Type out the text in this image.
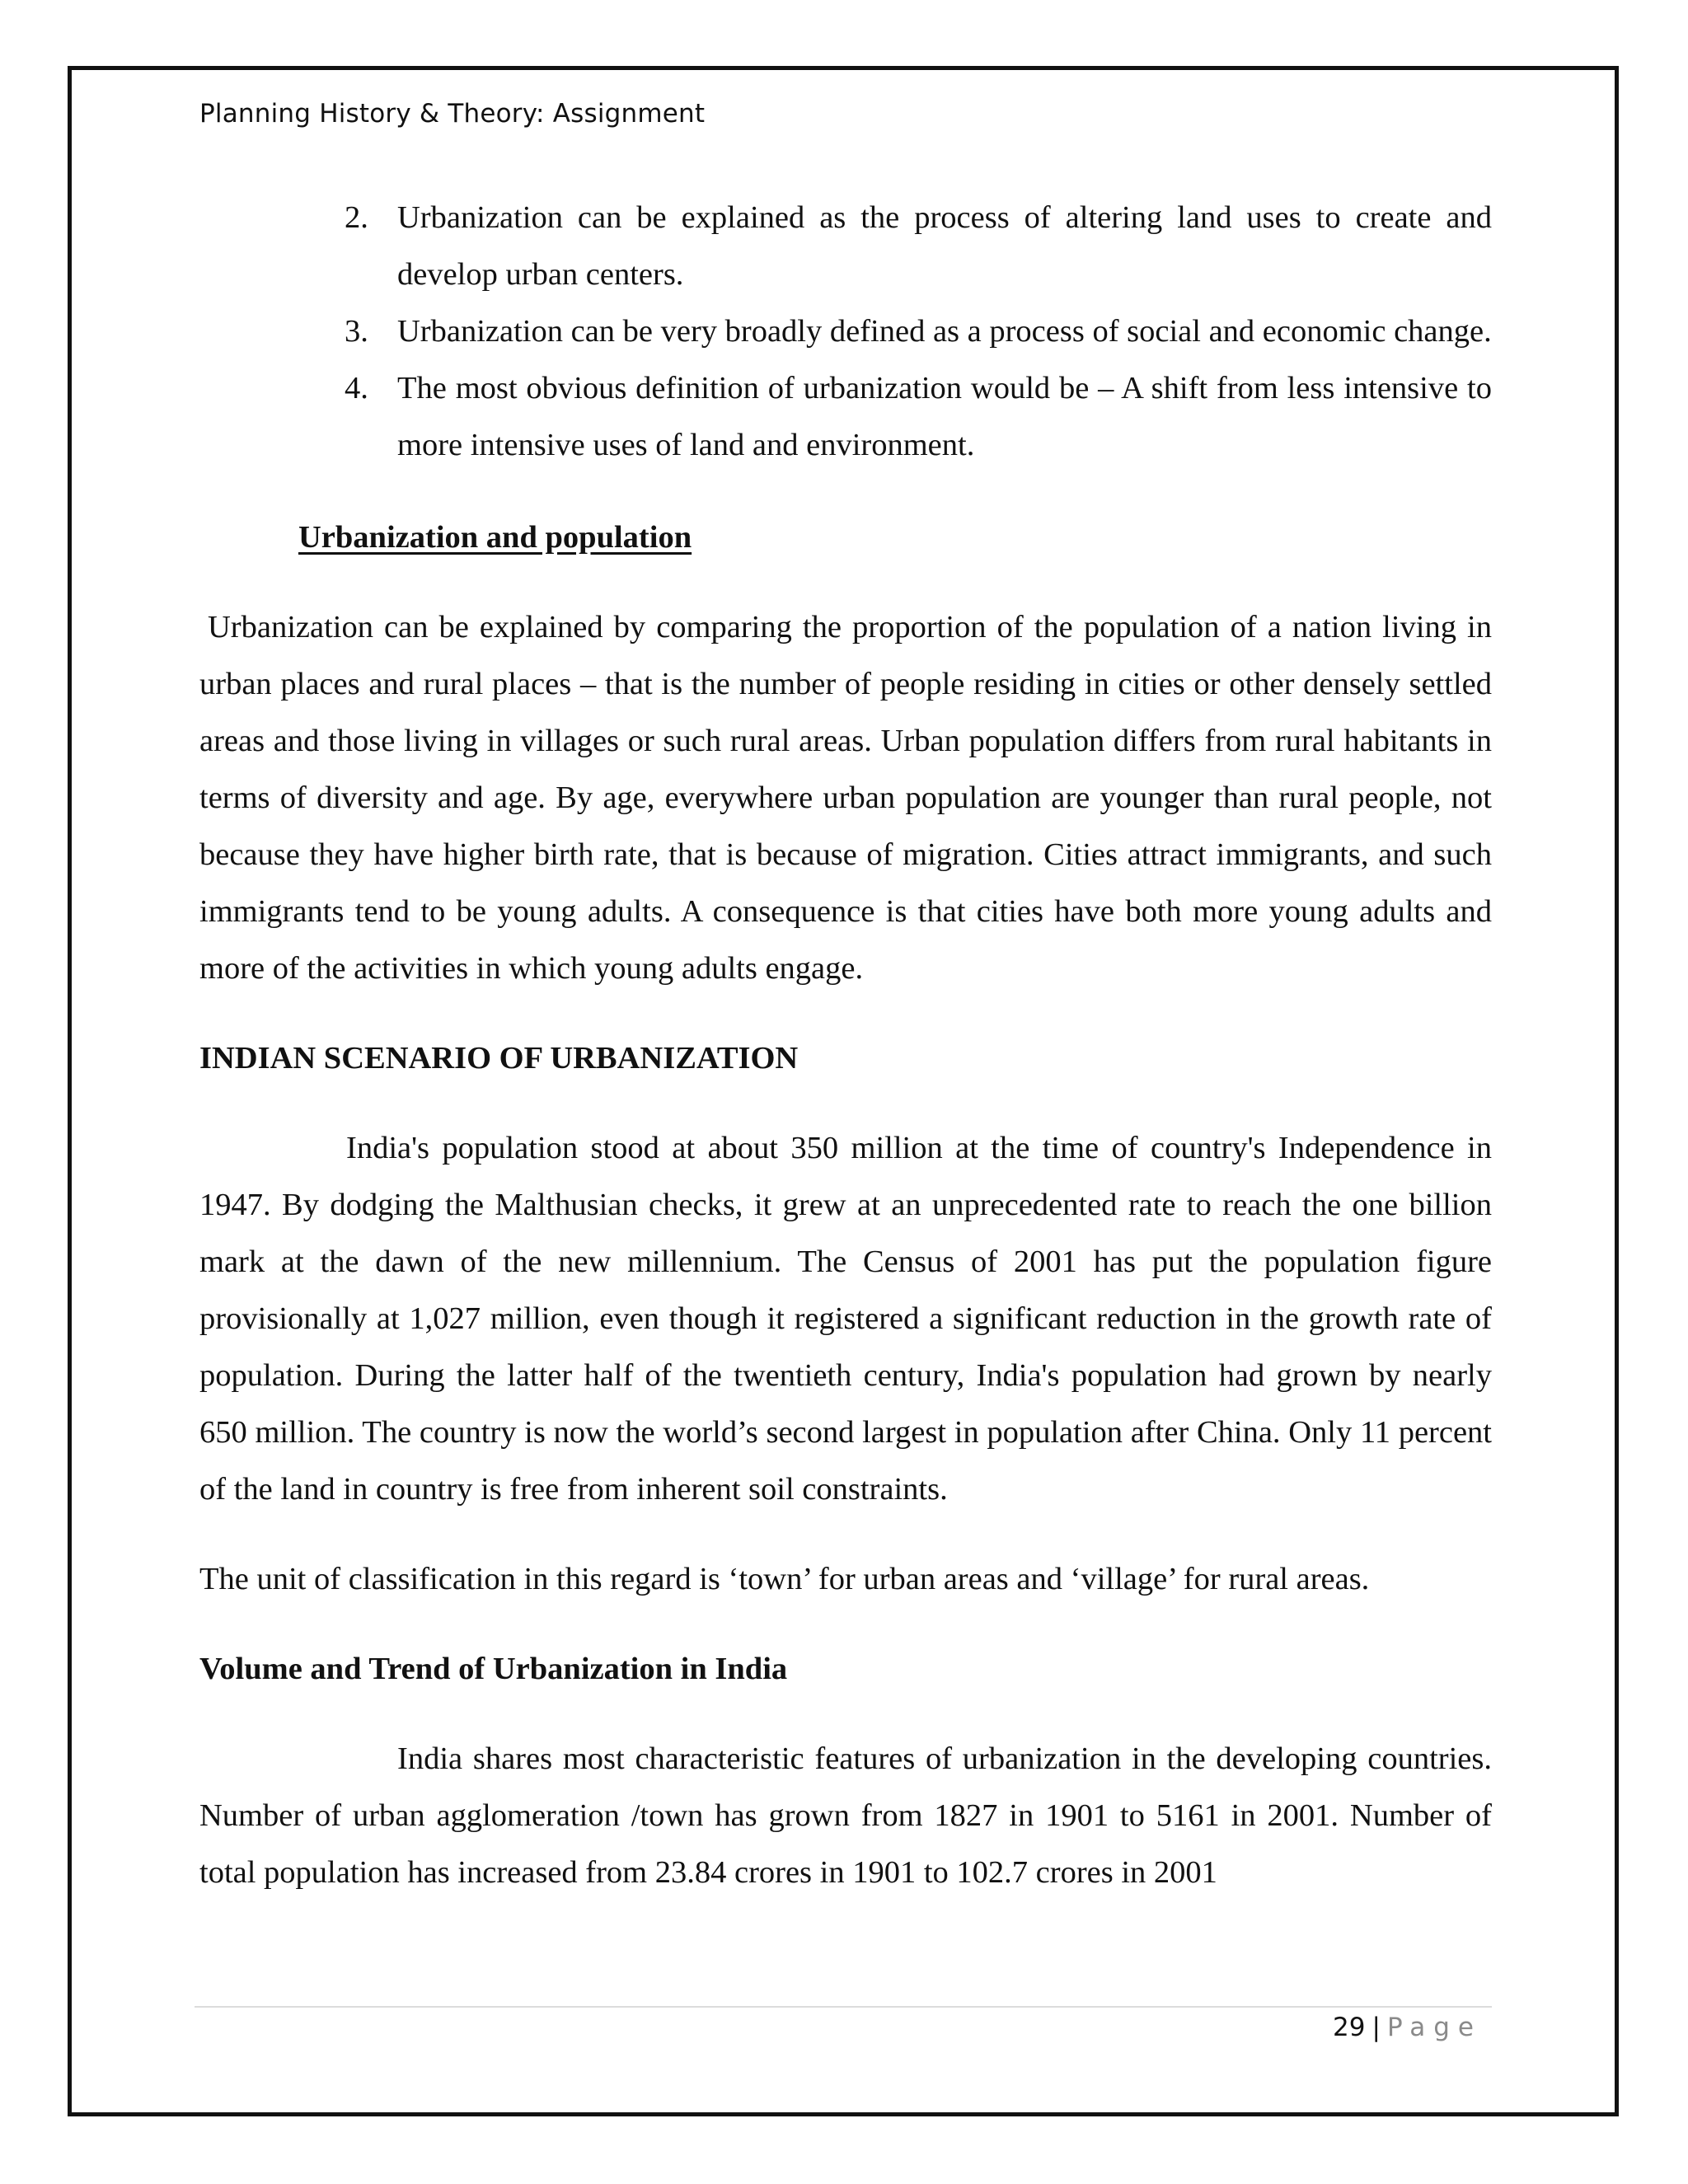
Planning History & Theory: Assignment
2. Urbanization can be explained as the process of altering land uses to create and develop urban centers.
3. Urbanization can be very broadly defined as a process of social and economic change.
4. The most obvious definition of urbanization would be – A shift from less intensive to more intensive uses of land and environment.
Urbanization and population

Urbanization can be explained by comparing the proportion of the population of a nation living in urban places and rural places – that is the number of people residing in cities or other densely settled areas and those living in villages or such rural areas. Urban population differs from rural habitants in terms of diversity and age. By age, everywhere urban population are younger than rural people, not because they have higher birth rate, that is because of migration. Cities attract immigrants, and such immigrants tend to be young adults. A consequence is that cities have both more young adults and more of the activities in which young adults engage.

INDIAN SCENARIO OF URBANIZATION

India's population stood at about 350 million at the time of country's Independence in 1947. By dodging the Malthusian checks, it grew at an unprecedented rate to reach the one billion mark at the dawn of the new millennium. The Census of 2001 has put the population figure provisionally at 1,027 million, even though it registered a significant reduction in the growth rate of population. During the latter half of the twentieth century, India's population had grown by nearly 650 million. The country is now the world’s second largest in population after China. Only 11 percent of the land in country is free from inherent soil constraints.

The unit of classification in this regard is ‘town’ for urban areas and ‘village’ for rural areas.

Volume and Trend of Urbanization in India

India shares most characteristic features of urbanization in the developing countries. Number of urban agglomeration /town has grown from 1827 in 1901 to 5161 in 2001. Number of total population has increased from 23.84 crores in 1901 to 102.7 crores in 2001

29 | Page
